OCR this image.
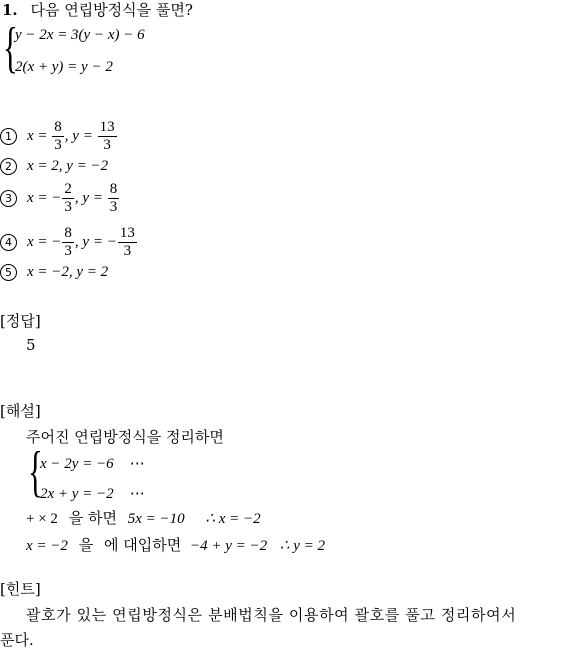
1. 다음 연립방정식을 풀면?
{
y − 2x = 3(y − x) − 6
2(x + y) = y − 2
1	$x = \frac{8}{3}$ , $y = \frac{13}{3}$
2	x = 2, y = −2
3	x = − $\frac{2}{3}$ , $y = \frac{8}{3}$
4	x = − $\frac{8}{3}$ , y = − $\frac{13}{3}$
5	x = −2, y = 2
[정답]
5
[해설]
주어진 연립방정식을 정리하면
{
x − 2y = −6 ⋯
2x + y = −2 ⋯
+ × 2 을 하면 5x = −10 ∴ x = −2
x = −2 을 에 대입하면 −4 + y = −2 ∴ y = 2
[힌트]
괄호가 있는 연립방정식은 분배법칙을 이용하여 괄호를 풀고 정리하여서
푼다.
